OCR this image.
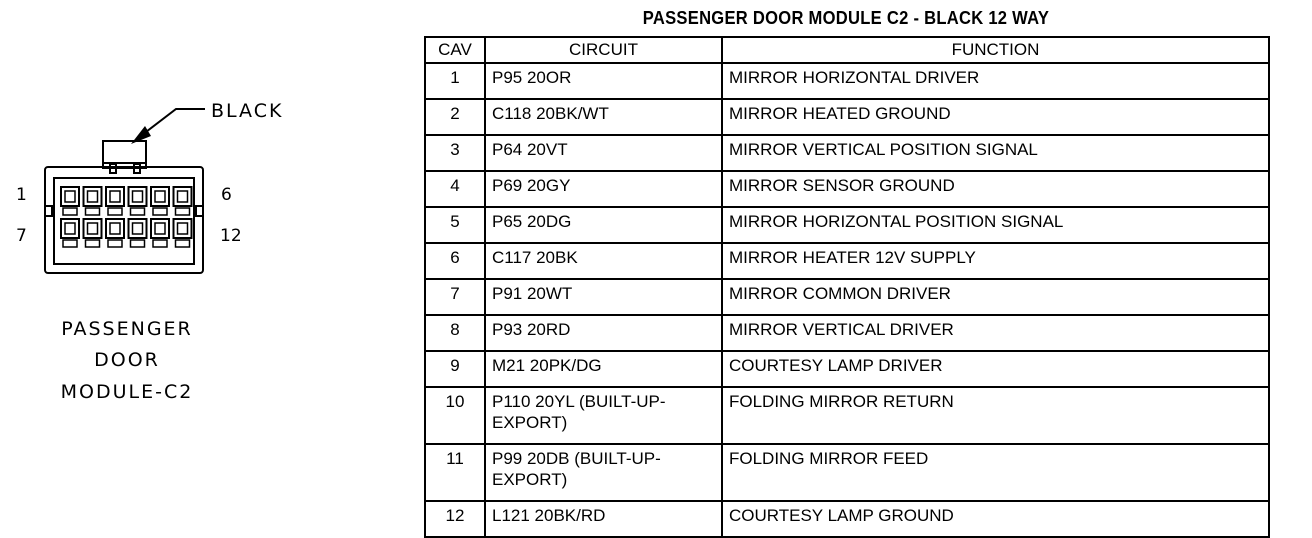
BLACK
1	6
7	12
PASSENGER
DOOR
MODULE-C2
PASSENGER DOOR MODULE C2 - BLACK 12 WAY
CAV	CIRCUIT	FUNCTION
1	P95 20OR	MIRROR HORIZONTAL DRIVER
2	C118 20BK/WT	MIRROR HEATED GROUND
3	P64 20VT	MIRROR VERTICAL POSITION SIGNAL
4	P69 20GY	MIRROR SENSOR GROUND
5	P65 20DG	MIRROR HORIZONTAL POSITION SIGNAL
6	C117 20BK	MIRROR HEATER 12V SUPPLY
7	P91 20WT	MIRROR COMMON DRIVER
8	P93 20RD	MIRROR VERTICAL DRIVER
9	M21 20PK/DG	COURTESY LAMP DRIVER
10	P110 20YL (BUILT-UP-EXPORT)	FOLDING MIRROR RETURN
11	P99 20DB (BUILT-UP-EXPORT)	FOLDING MIRROR FEED
12	L121 20BK/RD	COURTESY LAMP GROUND
